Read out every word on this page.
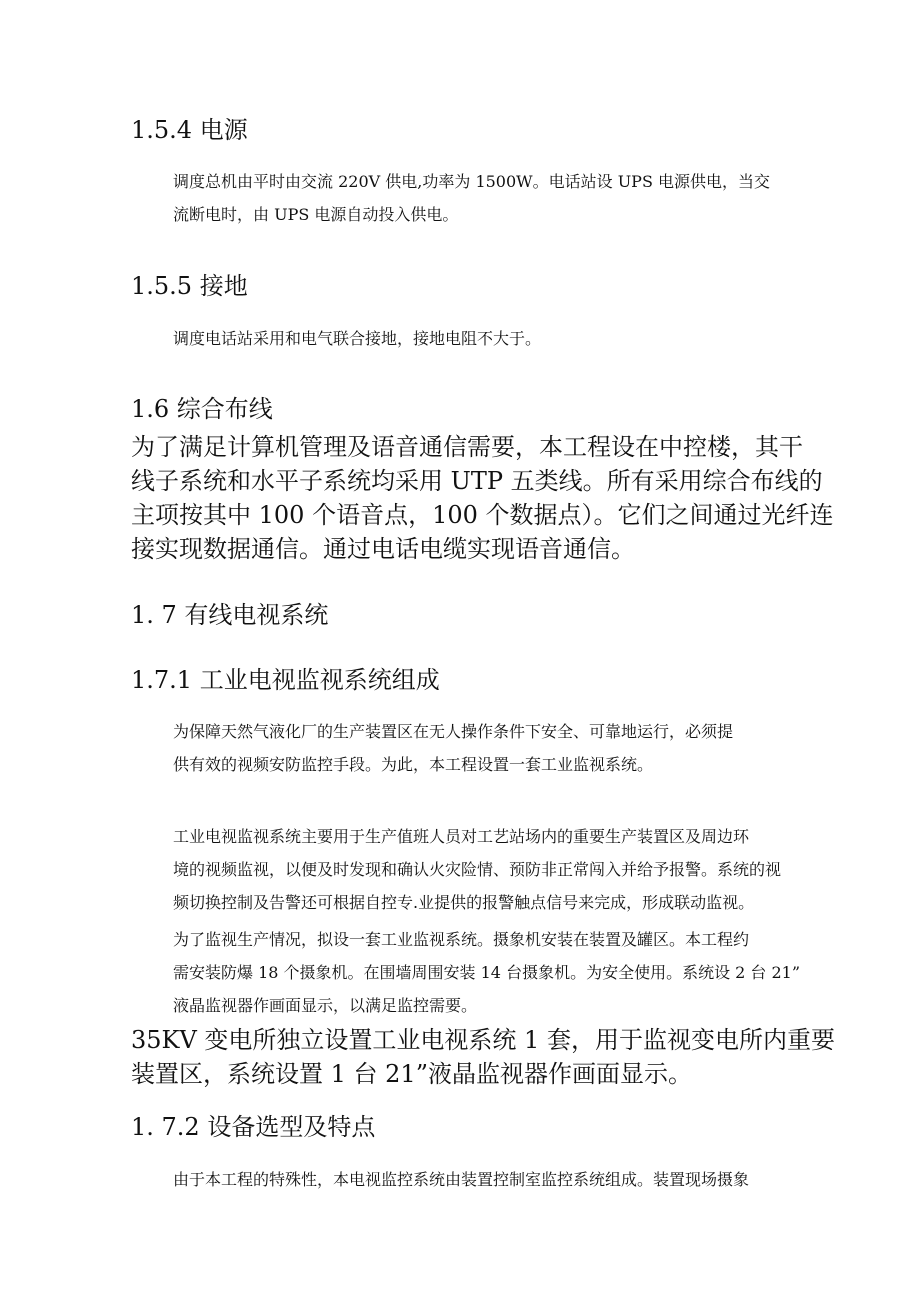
1.5.4 电源
调度总机由平时由交流 220V 供电,功率为 1500W。电话站设 UPS 电源供电，当交
流断电时，由 UPS 电源自动投入供电。
1.5.5 接地
调度电话站采用和电气联合接地，接地电阻不大于。
1.6 综合布线
为了满足计算机管理及语音通信需要，本工程设在中控楼，其干
线子系统和水平子系统均采用 UTP 五类线。所有采用综合布线的
主项按其中 100 个语音点，100 个数据点）。它们之间通过光纤连
接实现数据通信。通过电话电缆实现语音通信。
1. 7 有线电视系统
1.7.1 工业电视监视系统组成
为保障天然气液化厂的生产装置区在无人操作条件下安全、可靠地运行，必须提
供有效的视频安防监控手段。为此，本工程设置一套工业监视系统。
工业电视监视系统主要用于生产值班人员对工艺站场内的重要生产装置区及周边环
境的视频监视，以便及时发现和确认火灾险情、预防非正常闯入并给予报警。系统的视
频切换控制及告警还可根据自控专.业提供的报警触点信号来完成，形成联动监视。
为了监视生产情况，拟设一套工业监视系统。摄象机安装在装置及罐区。本工程约
需安装防爆 18 个摄象机。在围墙周围安装 14 台摄象机。为安全使用。系统设 2 台 21”
液晶监视器作画面显示，以满足监控需要。
35KV 变电所独立设置工业电视系统 1 套，用于监视变电所内重要
装置区，系统设置 1 台 21”液晶监视器作画面显示。
1. 7.2 设备选型及特点
由于本工程的特殊性，本电视监控系统由装置控制室监控系统组成。装置现场摄象
